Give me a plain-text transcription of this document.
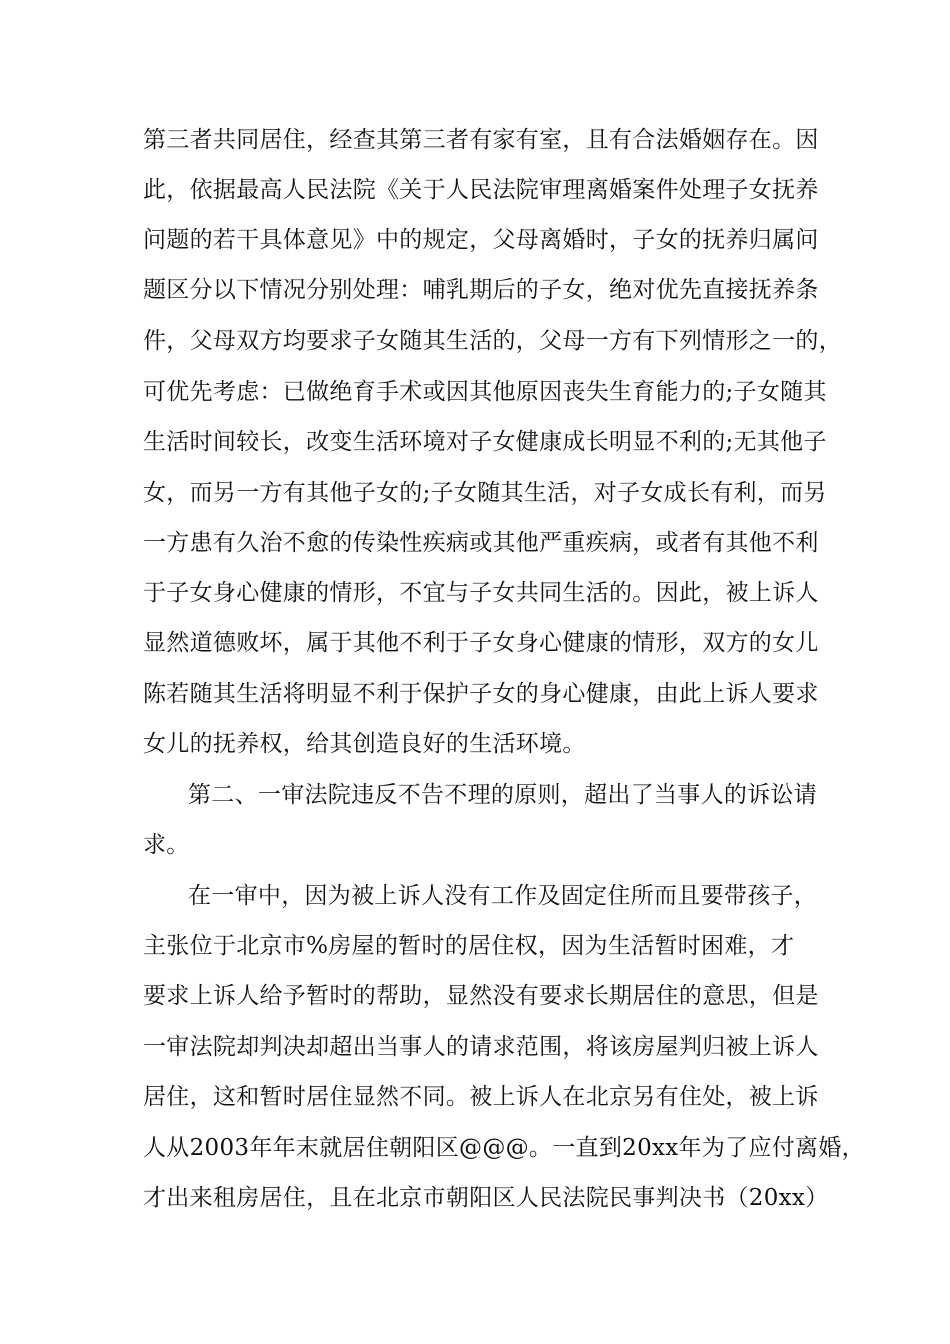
第三者共同居住，经查其第三者有家有室，且有合法婚姻存在。因
此，依据最高人民法院《关于人民法院审理离婚案件处理子女抚养
问题的若干具体意见》中的规定，父母离婚时，子女的抚养归属问
题区分以下情况分别处理：哺乳期后的子女，绝对优先直接抚养条
件，父母双方均要求子女随其生活的，父母一方有下列情形之一的，
可优先考虑：已做绝育手术或因其他原因丧失生育能力的;子女随其
生活时间较长，改变生活环境对子女健康成长明显不利的;无其他子
女，而另一方有其他子女的;子女随其生活，对子女成长有利，而另
一方患有久治不愈的传染性疾病或其他严重疾病，或者有其他不利
于子女身心健康的情形，不宜与子女共同生活的。因此，被上诉人
显然道德败坏，属于其他不利于子女身心健康的情形，双方的女儿
陈若随其生活将明显不利于保护子女的身心健康，由此上诉人要求
女儿的抚养权，给其创造良好的生活环境。
第二、一审法院违反不告不理的原则，超出了当事人的诉讼请
求。
在一审中，因为被上诉人没有工作及固定住所而且要带孩子，
主张位于北京市%房屋的暂时的居住权，因为生活暂时困难，才
要求上诉人给予暂时的帮助，显然没有要求长期居住的意思，但是
一审法院却判决却超出当事人的请求范围，将该房屋判归被上诉人
居住，这和暂时居住显然不同。被上诉人在北京另有住处，被上诉
人从2003年年末就居住朝阳区@@@。一直到20xx年为了应付离婚，
才出来租房居住，且在北京市朝阳区人民法院民事判决书（20xx）
